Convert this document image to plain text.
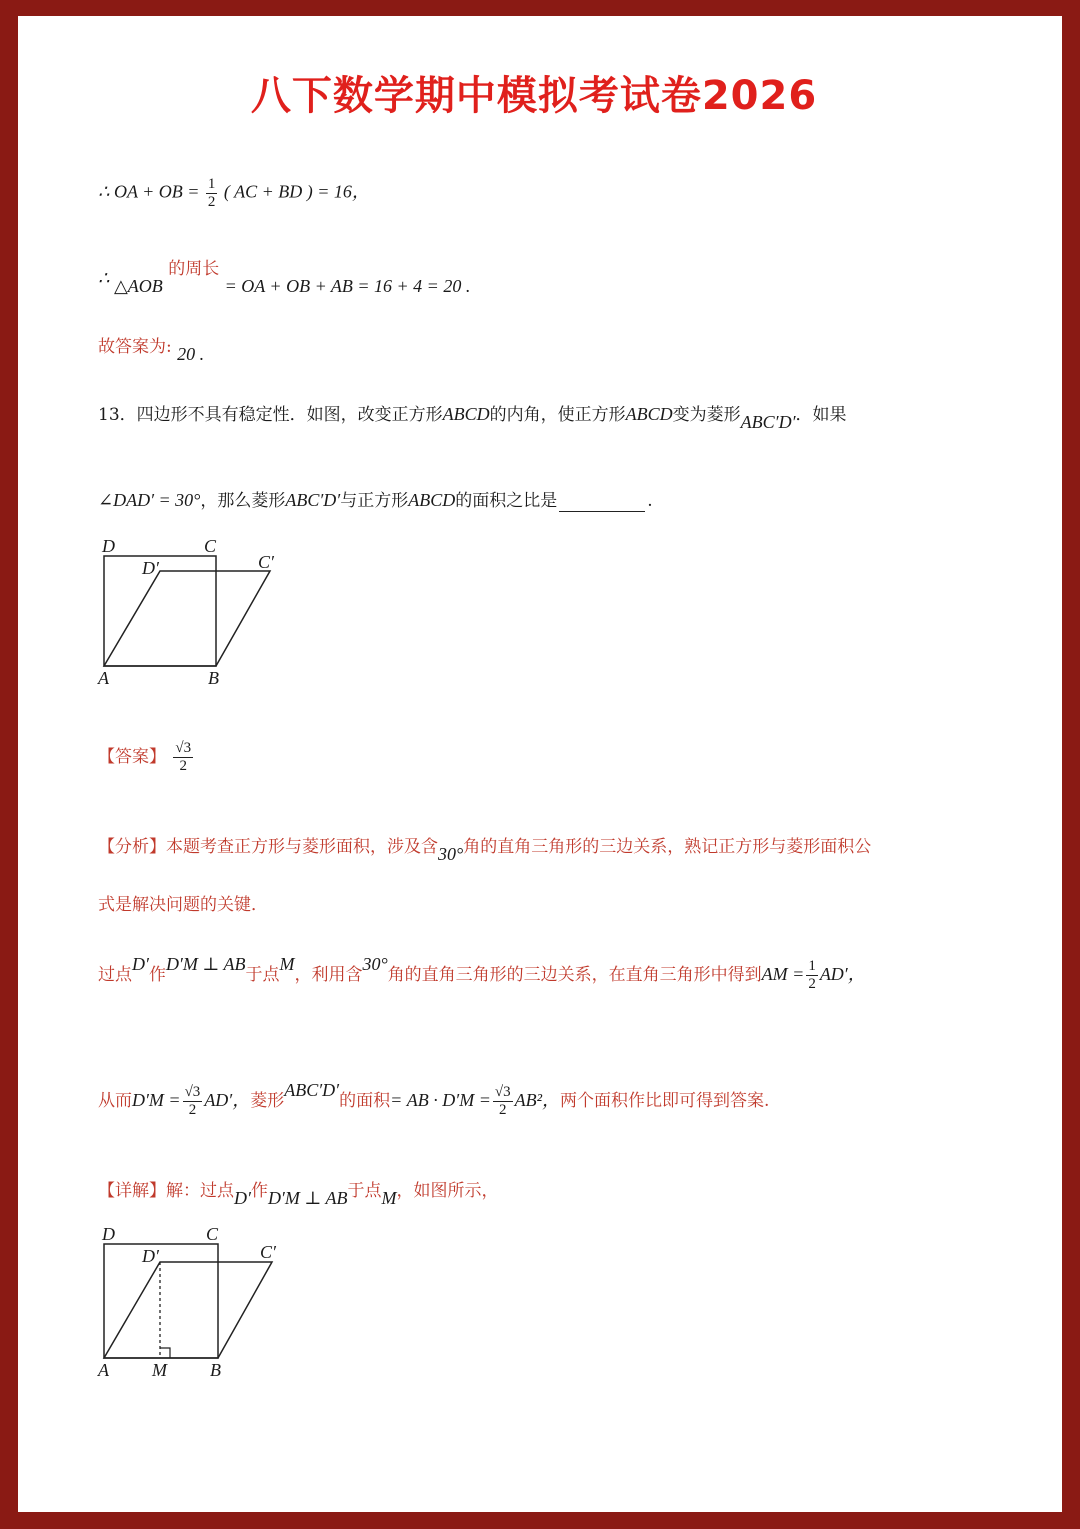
八下数学期中模拟考试卷2026
∴ OA + OB = $\frac{1}{2}$ ( AC + BD ) = 16，
∴ △AOB 的周长 = OA + OB + AB = 16 + 4 = 20 .
故答案为: 20 .
13．四边形不具有稳定性．如图，改变正方形ABCD的内角，使正方形ABCD变为菱形ABC′D′．如果
∠DAD′ = 30°，那么菱形ABC′D′与正方形ABCD的面积之比是	.
D	C
D′	C′
A	B
【答案】 $\frac{√3}{2}$
【分析】本题考查正方形与菱形面积，涉及含30°角的直角三角形的三边关系，熟记正方形与菱形面积公
式是解决问题的关键．
过点D′作D′M ⊥ AB于点M，利用含30°角的直角三角形的三边关系，在直角三角形中得到AM = $\frac{1}{2} AD'$，
从而$D'M = \frac{√3}{2} AD'$，菱形ABC′D′的面积= AB · $D'M = \frac{√3}{2} AB^2$，两个面积作比即可得到答案.
【详解】解：过点D′作D′M ⊥ AB于点M，如图所示，
D	C
D′	C′
A M B
